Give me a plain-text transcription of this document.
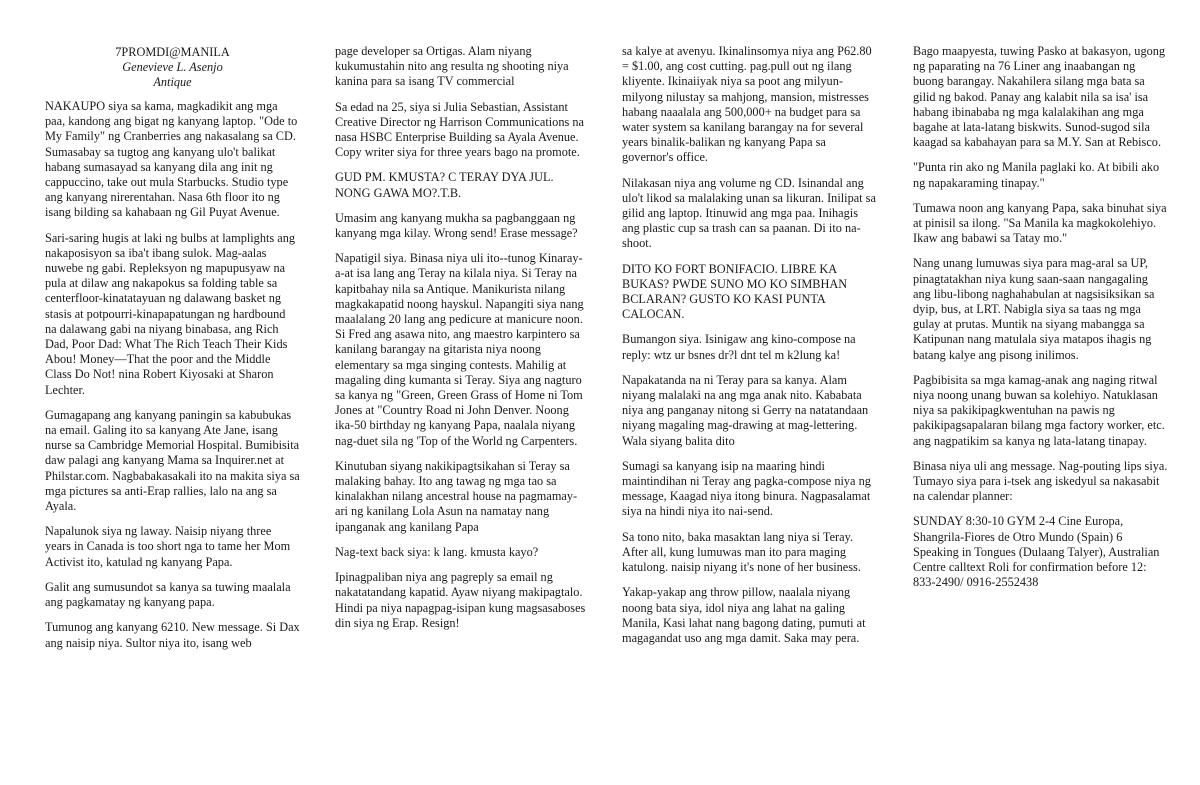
7PROMDI@MANILA
Genevieve L. Asenjo
Antique

NAKAUPO siya sa kama, magkadikit ang mga paa, kandong ang bigat ng kanyang laptop. "Ode to My Family" ng Cranberries ang nakasalang sa CD. Sumasabay sa tugtog ang kanyang ulo't balikat habang sumasayad sa kanyang dila ang init ng cappuccino, take out mula Starbucks. Studio type ang kanyang nirerentahan. Nasa 6th floor ito ng isang bilding sa kahabaan ng Gil Puyat Avenue.

Sari-saring hugis at laki ng bulbs at lamplights ang nakaposisyon sa iba't ibang sulok. Mag-aalas nuwebe ng gabi. Repleksyon ng mapupusyaw na pula at dilaw ang nakapokus sa folding table sa centerfloor-kinatatayuan ng dalawang basket ng stasis at potpourri-kinapapatungan ng hardbound na dalawang gabi na niyang binabasa, ang Rich Dad, Poor Dad: What The Rich Teach Their Kids Abou! Money—That the poor and the Middle Class Do Not! nina Robert Kiyosaki at Sharon Lechter.

Gumagapang ang kanyang paningin sa kabubukas na email. Galing ito sa kanyang Ate Jane, isang nurse sa Cambridge Memorial Hospital. Bumibisita daw palagi ang kanyang Mama sa Inquirer.net at Philstar.com. Nagbabakasakali ito na makita siya sa mga pictures sa anti-Erap rallies, lalo na ang sa Ayala.

Napalunok siya ng laway. Naisip niyang three years in Canada is too short nga to tame her Mom Activist ito, katulad ng kanyang Papa.

Galit ang sumusundot sa kanya sa tuwing maalala ang pagkamatay ng kanyang papa.

Tumunog ang kanyang 6210. New message. Si Dax ang naisip niya. Sultor niya ito, isang web

page developer sa Ortigas. Alam niyang kukumustahin nito ang resulta ng shooting niya kanina para sa isang TV commercial

Sa edad na 25, siya si Julia Sebastian, Assistant Creative Director ng Harrison Communications na nasa HSBC Enterprise Building sa Ayala Avenue. Copy writer siya for three years bago na promote.

GUD PM. KMUSTA? C TERAY DYA JUL. NONG GAWA MO?.T.B.

Umasim ang kanyang mukha sa pagbanggaan ng kanyang mga kilay. Wrong send! Erase message?

Napatigil siya. Binasa niya uli ito--tunog Kinaray-a-at isa lang ang Teray na kilala niya. Si Teray na kapitbahay nila sa Antique. Manikurista nilang magkakapatid noong hayskul. Napangiti siya nang maalalang 20 lang ang pedicure at manicure noon. Si Fred ang asawa nito, ang maestro karpintero sa kanilang barangay na gitarista niya noong elementary sa mga singing contests. Mahilig at magaling ding kumanta si Teray. Siya ang nagturo sa kanya ng "Green, Green Grass of Home ni Tom Jones at "Country Road ni John Denver. Noong ika-50 birthday ng kanyang Papa, naalala niyang nag-duet sila ng 'Top of the World ng Carpenters.

Kinutuban siyang nakikipagtsikahan si Teray sa malaking bahay. Ito ang tawag ng mga tao sa kinalakhan nilang ancestral house na pagmamay-ari ng kanilang Lola Asun na namatay nang ipanganak ang kanilang Papa

Nag-text back siya: k lang. kmusta kayo?

Ipinagpaliban niya ang pagreply sa email ng nakatatandang kapatid. Ayaw niyang makipagtalo. Hindi pa niya napagpag-isipan kung magsasaboses din siya ng Erap. Resign!

sa kalye at avenyu. Ikinalinsomya niya ang P62.80 = $1.00, ang cost cutting. pag.pull out ng ilang kliyente. Ikinaiiyak niya sa poot ang milyun-milyong nilustay sa mahjong, mansion, mistresses habang naaalala ang 500,000+ na budget para sa water system sa kanilang barangay na for several years binalik-balikan ng kanyang Papa sa governor's office.

Nilakasan niya ang volume ng CD. Isinandal ang ulo't likod sa malalaking unan sa likuran. Inilipat sa gilid ang laptop. Itinuwid ang mga paa. Inihagis ang plastic cup sa trash can sa paanan. Di ito na-shoot.

DITO KO FORT BONIFACIO. LIBRE KA BUKAS? PWDE SUNO MO KO SIMBHAN BCLARAN? GUSTO KO KASI PUNTA CALOCAN.

Bumangon siya. Isinigaw ang kino-compose na reply: wtz ur bsnes dr?l dnt tel m k2lung ka!

Napakatanda na ni Teray para sa kanya. Alam niyang malalaki na ang mga anak nito. Kababata niya ang panganay nitong si Gerry na natatandaan niyang magaling mag-drawing at mag-lettering. Wala siyang balita dito

Sumagi sa kanyang isip na maaring hindi maintindihan ni Teray ang pagka-compose niya ng message, Kaagad niya itong binura. Nagpasalamat siya na hindi niya ito nai-send.

Sa tono nito, baka masaktan lang niya si Teray. After all, kung lumuwas man ito para maging katulong. naisip niyang it's none of her business.

Yakap-yakap ang throw pillow, naalala niyang noong bata siya, idol niya ang lahat na galing Manila, Kasi lahat nang bagong dating, pumuti at magagandat uso ang mga damit. Saka may pera.

Bago maapyesta, tuwing Pasko at bakasyon, ugong ng paparating na 76 Liner ang inaabangan ng buong barangay. Nakahilera silang mga bata sa gilid ng bakod. Panay ang kalabit nila sa isa' isa habang ibinababa ng mga kalalakihan ang mga bagahe at lata-latang biskwits. Sunod-sugod sila kaagad sa kabahayan para sa M.Y. San at Rebisco.

"Punta rin ako ng Manila paglaki ko. At bibili ako ng napakaraming tinapay."

Tumawa noon ang kanyang Papa, saka binuhat siya at pinisil sa ilong. "Sa Manila ka magkokolehiyo. Ikaw ang babawi sa Tatay mo."

Nang unang lumuwas siya para mag-aral sa UP, pinagtatakhan niya kung saan-saan nangagaling ang libu-libong naghahabulan at nagsisiksikan sa dyip, bus, at LRT. Nabigla siya sa taas ng mga gulay at prutas. Muntik na siyang mabangga sa Katipunan nang matulala siya matapos ihagis ng batang kalye ang pisong inilimos.

Pagbibisita sa mga kamag-anak ang naging ritwal niya noong unang buwan sa kolehiyo. Natuklasan niya sa pakikipagkwentuhan na pawis ng pakikipagsapalaran bilang mga factory worker, etc. ang nagpatikim sa kanya ng lata-latang tinapay.

Binasa niya uli ang message. Nag-pouting lips siya. Tumayo siya para i-tsek ang iskedyul sa nakasabit na calendar planner:

SUNDAY 8:30-10 GYM 2-4 Cine Europa, Shangrila-Fiores de Otro Mundo (Spain) 6 Speaking in Tongues (Dulaang Talyer), Australian Centre calltext Roli for confirmation before 12: 833-2490/ 0916-2552438
